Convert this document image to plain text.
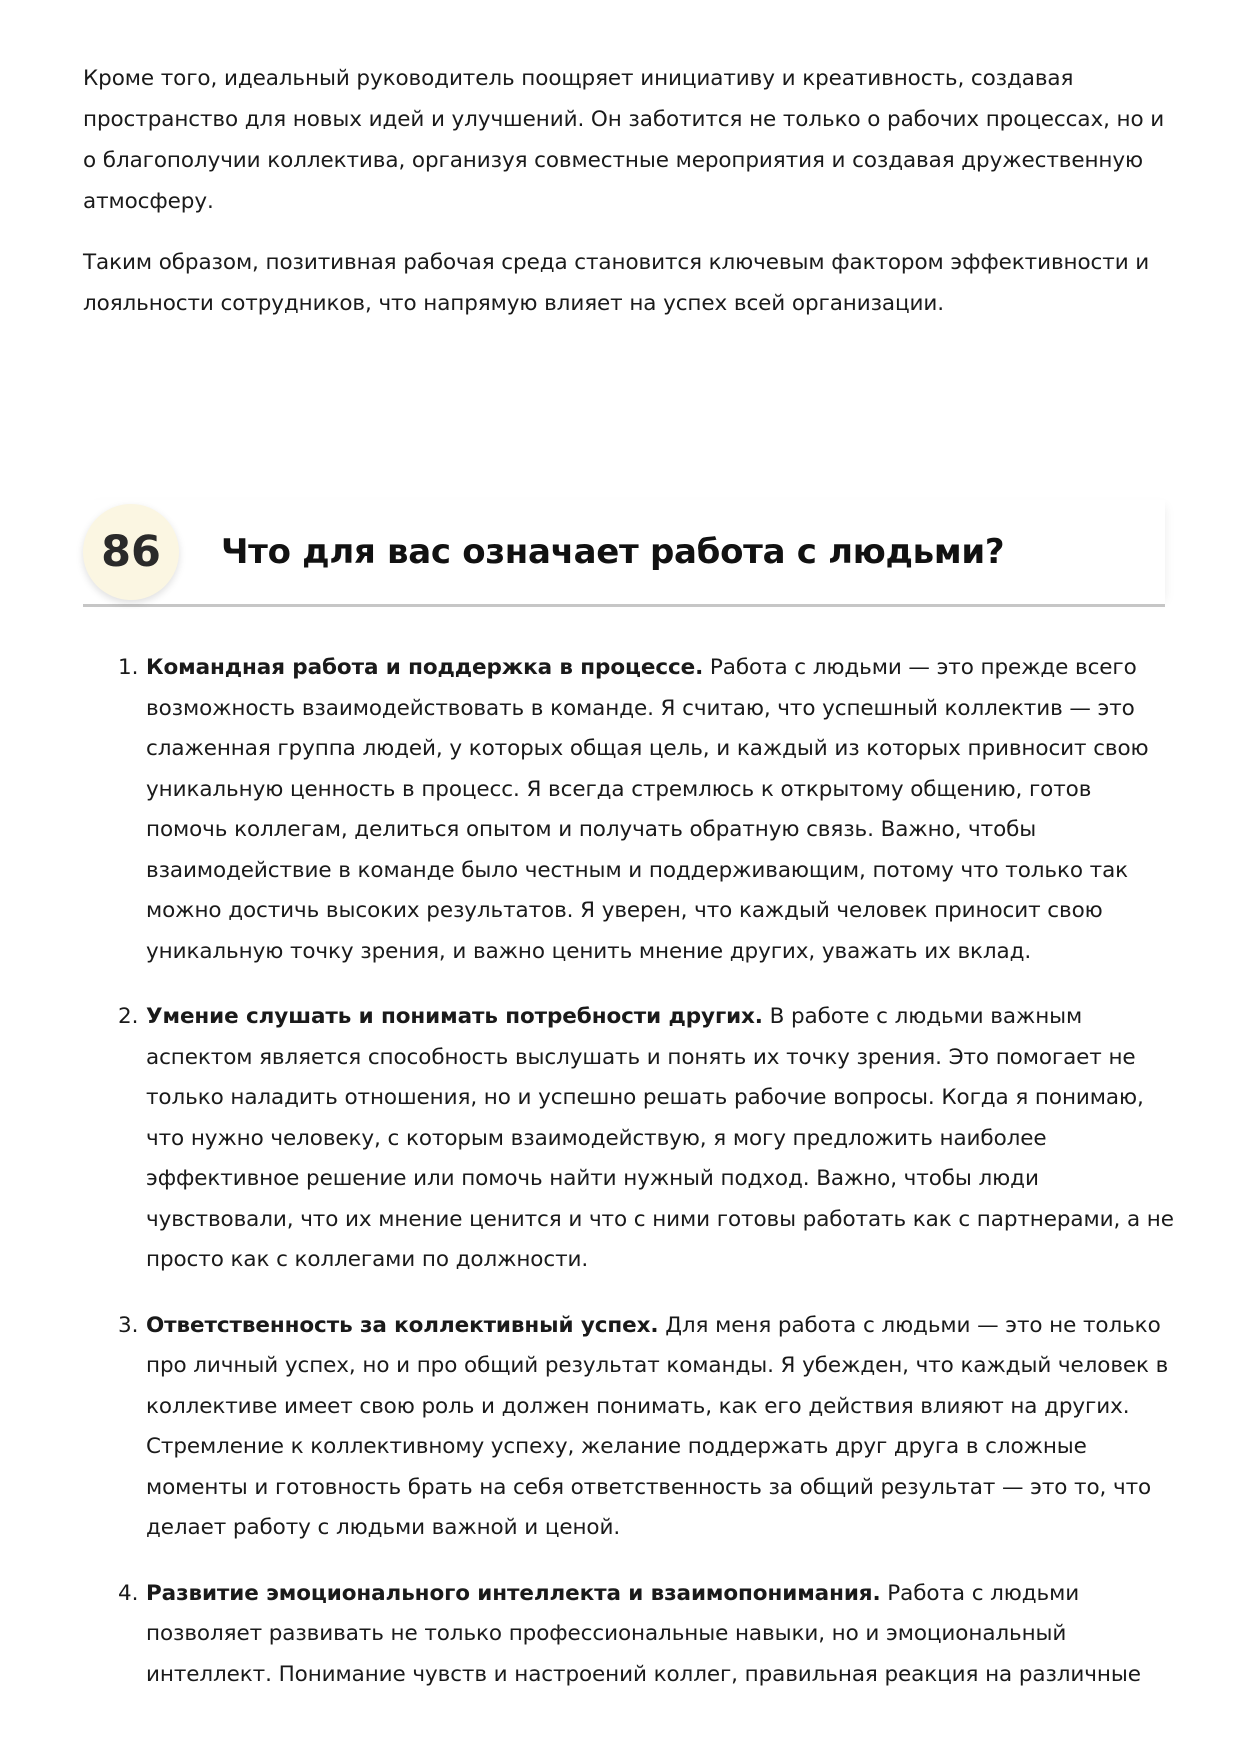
Кроме того, идеальный руководитель поощряет инициативу и креативность, создавая пространство для новых идей и улучшений. Он заботится не только о рабочих процессах, но и о благополучии коллектива, организуя совместные мероприятия и создавая дружественную атмосферу.

Таким образом, позитивная рабочая среда становится ключевым фактором эффективности и лояльности сотрудников, что напрямую влияет на успех всей организации.

86	Что для вас означает работа с людьми?
1. Командная работа и поддержка в процессе. Работа с людьми — это прежде всего возможность взаимодействовать в команде. Я считаю, что успешный коллектив — это слаженная группа людей, у которых общая цель, и каждый из которых привносит свою уникальную ценность в процесс. Я всегда стремлюсь к открытому общению, готов помочь коллегам, делиться опытом и получать обратную связь. Важно, чтобы взаимодействие в команде было честным и поддерживающим, потому что только так можно достичь высоких результатов. Я уверен, что каждый человек приносит свою уникальную точку зрения, и важно ценить мнение других, уважать их вклад.
2. Умение слушать и понимать потребности других. В работе с людьми важным аспектом является способность выслушать и понять их точку зрения. Это помогает не только наладить отношения, но и успешно решать рабочие вопросы. Когда я понимаю, что нужно человеку, с которым взаимодействую, я могу предложить наиболее эффективное решение или помочь найти нужный подход. Важно, чтобы люди чувствовали, что их мнение ценится и что с ними готовы работать как с партнерами, а не просто как с коллегами по должности.
3. Ответственность за коллективный успех. Для меня работа с людьми — это не только про личный успех, но и про общий результат команды. Я убежден, что каждый человек в коллективе имеет свою роль и должен понимать, как его действия влияют на других. Стремление к коллективному успеху, желание поддержать друг друга в сложные моменты и готовность брать на себя ответственность за общий результат — это то, что делает работу с людьми важной и ценой.
4. Развитие эмоционального интеллекта и взаимопонимания. Работа с людьми позволяет развивать не только профессиональные навыки, но и эмоциональный интеллект. Понимание чувств и настроений коллег, правильная реакция на различные
